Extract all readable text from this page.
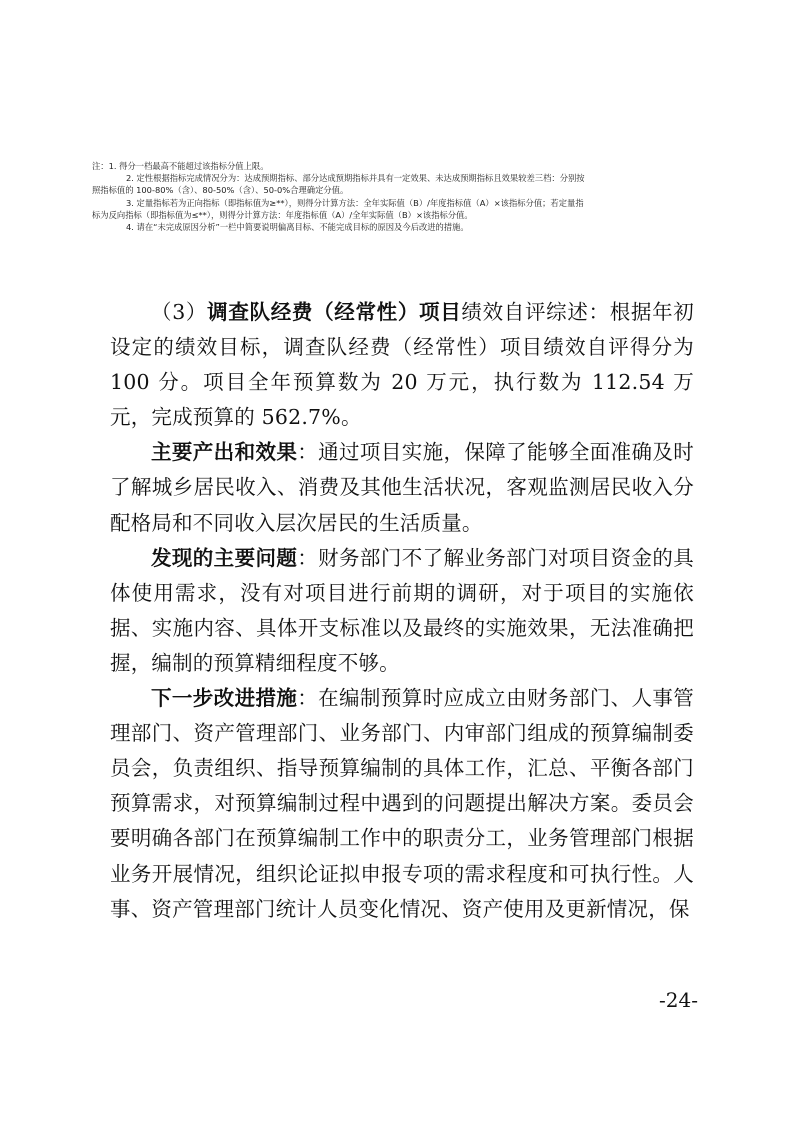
注：1. 得分一档最高不能超过该指标分值上限。

2. 定性根据指标完成情况分为：达成预期指标、部分达成预期指标并具有一定效果、未达成预期指标且效果较差三档：分别按

照指标值的 100-80%（含）、80-50%（含）、50-0%合理确定分值。

3. 定量指标若为正向指标（即指标值为≥**），则得分计算方法：全年实际值（B）/年度指标值（A）×该指标分值；若定量指

标为反向指标（即指标值为≤**），则得分计算方法：年度指标值（A）/全年实际值（B）×该指标分值。

4. 请在“未完成原因分析”一栏中简要说明偏离目标、不能完成目标的原因及今后改进的措施。

（3）调查队经费（经常性）项目绩效自评综述：根据年初设定的绩效目标，调查队经费（经常性）项目绩效自评得分为 100 分。项目全年预算数为 20 万元，执行数为 112.54 万元，完成预算的 562.7%。

主要产出和效果：通过项目实施，保障了能够全面准确及时了解城乡居民收入、消费及其他生活状况，客观监测居民收入分配格局和不同收入层次居民的生活质量。

发现的主要问题：财务部门不了解业务部门对项目资金的具体使用需求，没有对项目进行前期的调研，对于项目的实施依据、实施内容、具体开支标准以及最终的实施效果，无法准确把握，编制的预算精细程度不够。

下一步改进措施：在编制预算时应成立由财务部门、人事管理部门、资产管理部门、业务部门、内审部门组成的预算编制委员会，负责组织、指导预算编制的具体工作，汇总、平衡各部门预算需求，对预算编制过程中遇到的问题提出解决方案。委员会要明确各部门在预算编制工作中的职责分工，业务管理部门根据业务开展情况，组织论证拟申报专项的需求程度和可执行性。人事、资产管理部门统计人员变化情况、资产使用及更新情况，保

-24-
